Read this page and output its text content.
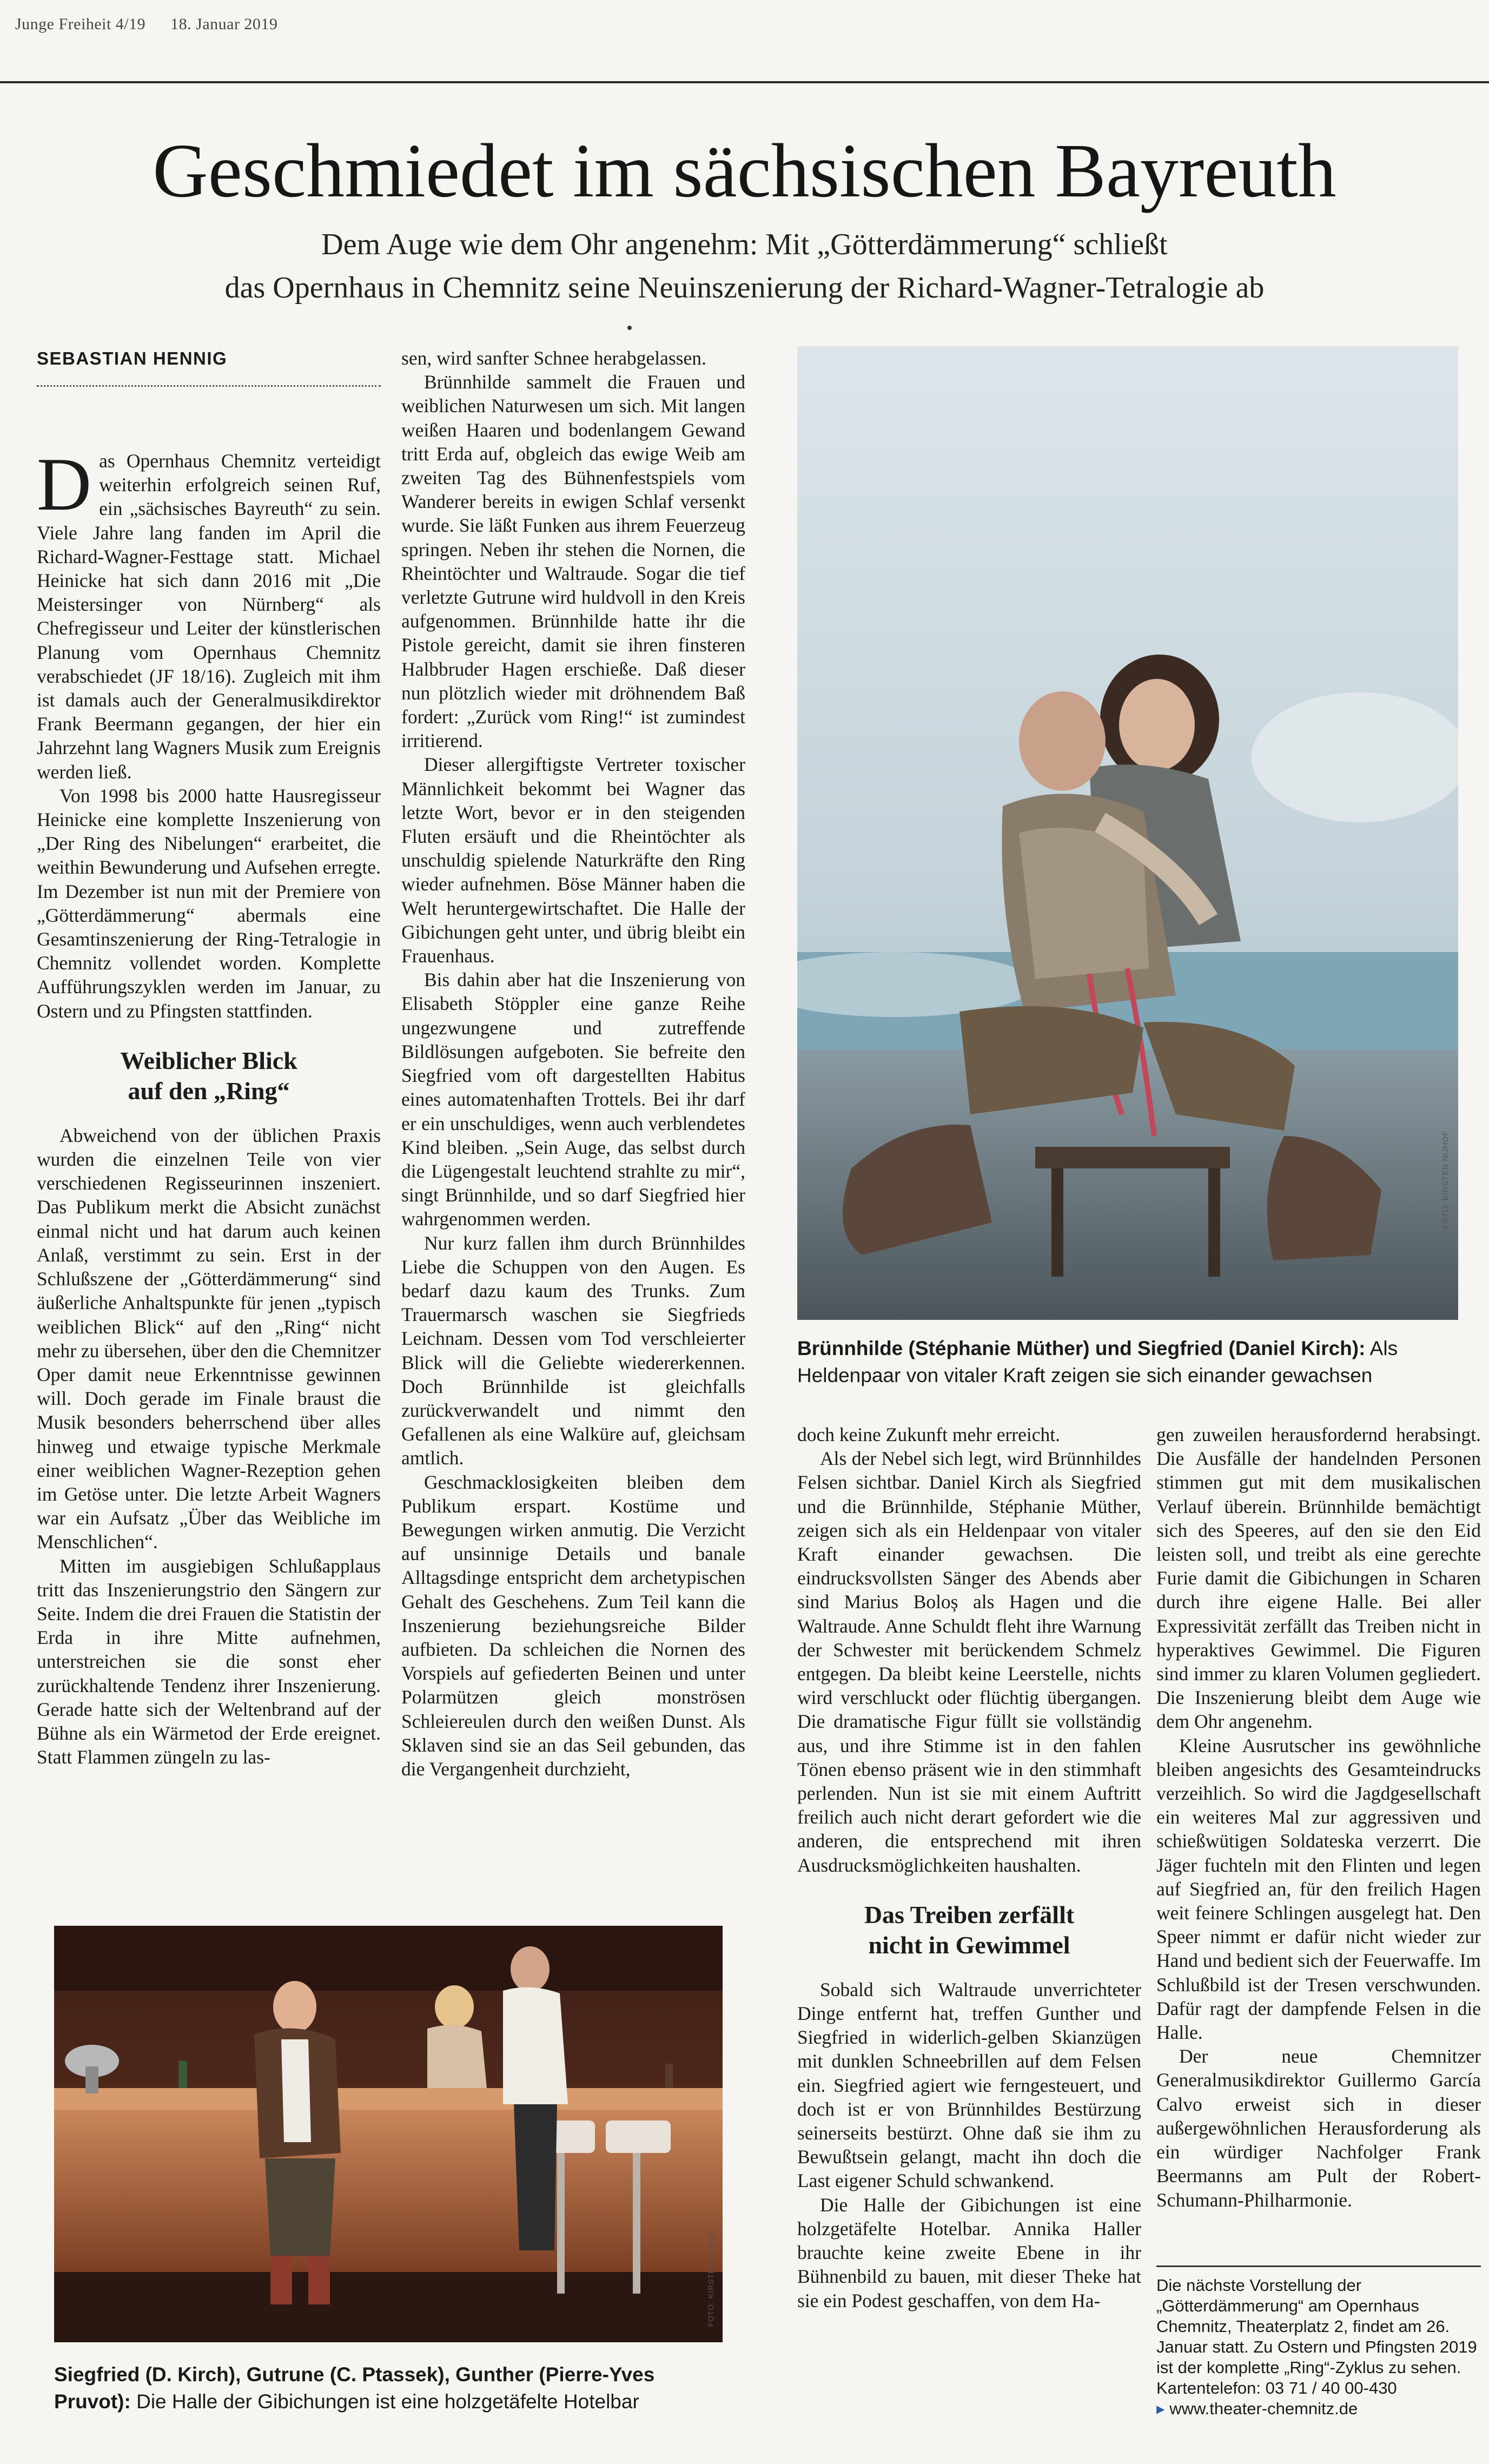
Junge Freiheit 4/19 18. Januar 2019
Geschmiedet im sächsischen Bayreuth
Dem Auge wie dem Ohr angenehm: Mit „Götterdämmerung“ schließt
das Opernhaus in Chemnitz seine Neuinszenierung der Richard-Wagner-Tetralogie ab
SEBASTIAN HENNIG

Das Opernhaus Chemnitz verteidigt weiterhin erfolgreich seinen Ruf, ein „sächsisches Bayreuth“ zu sein. Viele Jahre lang fanden im April die Richard-Wagner-Festtage statt. Michael Heinicke hat sich dann 2016 mit „Die Meistersinger von Nürnberg“ als Chefregisseur und Leiter der künstlerischen Planung vom Opernhaus Chemnitz verabschiedet (JF 18/16). Zugleich mit ihm ist damals auch der Generalmusikdirektor Frank Beermann gegangen, der hier ein Jahrzehnt lang Wagners Musik zum Ereignis werden ließ.

Von 1998 bis 2000 hatte Hausregisseur Heinicke eine komplette Inszenierung von „Der Ring des Nibelungen“ erarbeitet, die weithin Bewunderung und Aufsehen erregte. Im Dezember ist nun mit der Premiere von „Götterdämmerung“ abermals eine Gesamtinszenierung der Ring-Tetralogie in Chemnitz vollendet worden. Komplette Aufführungszyklen werden im Januar, zu Ostern und zu Pfingsten stattfinden.

Weiblicher Blick
auf den „Ring“

Abweichend von der üblichen Praxis wurden die einzelnen Teile von vier verschiedenen Regisseurinnen inszeniert. Das Publikum merkt die Absicht zunächst einmal nicht und hat darum auch keinen Anlaß, verstimmt zu sein. Erst in der Schlußszene der „Götterdämmerung“ sind äußerliche Anhaltspunkte für jenen „typisch weiblichen Blick“ auf den „Ring“ nicht mehr zu übersehen, über den die Chemnitzer Oper damit neue Erkenntnisse gewinnen will. Doch gerade im Finale braust die Musik besonders beherrschend über alles hinweg und etwaige typische Merkmale einer weiblichen Wagner-Rezeption gehen im Getöse unter. Die letzte Arbeit Wagners war ein Aufsatz „Über das Weibliche im Menschlichen“.

Mitten im ausgiebigen Schlußapplaus tritt das Inszenierungstrio den Sängern zur Seite. Indem die drei Frauen die Statistin der Erda in ihre Mitte aufnehmen, unterstreichen sie die sonst eher zurückhaltende Tendenz ihrer Inszenierung. Gerade hatte sich der Weltenbrand auf der Bühne als ein Wärmetod der Erde ereignet. Statt Flammen züngeln zu las-

sen, wird sanfter Schnee herabgelassen.

Brünnhilde sammelt die Frauen und weiblichen Naturwesen um sich. Mit langen weißen Haaren und bodenlangem Gewand tritt Erda auf, obgleich das ewige Weib am zweiten Tag des Bühnenfestspiels vom Wanderer bereits in ewigen Schlaf versenkt wurde. Sie läßt Funken aus ihrem Feuerzeug springen. Neben ihr stehen die Nornen, die Rheintöchter und Waltraude. Sogar die tief verletzte Gutrune wird huldvoll in den Kreis aufgenommen. Brünnhilde hatte ihr die Pistole gereicht, damit sie ihren finsteren Halbbruder Hagen erschieße. Daß dieser nun plötzlich wieder mit dröhnendem Baß fordert: „Zurück vom Ring!“ ist zumindest irritierend.

Dieser allergiftigste Vertreter toxischer Männlichkeit bekommt bei Wagner das letzte Wort, bevor er in den steigenden Fluten ersäuft und die Rheintöchter als unschuldig spielende Naturkräfte den Ring wieder aufnehmen. Böse Männer haben die Welt heruntergewirtschaftet. Die Halle der Gibichungen geht unter, und übrig bleibt ein Frauenhaus.

Bis dahin aber hat die Inszenierung von Elisabeth Stöppler eine ganze Reihe ungezwungene und zutreffende Bildlösungen aufgeboten. Sie befreite den Siegfried vom oft dargestellten Habitus eines automatenhaften Trottels. Bei ihr darf er ein unschuldiges, wenn auch verblendetes Kind bleiben. „Sein Auge, das selbst durch die Lügengestalt leuchtend strahlte zu mir“, singt Brünnhilde, und so darf Siegfried hier wahrgenommen werden.

Nur kurz fallen ihm durch Brünnhildes Liebe die Schuppen von den Augen. Es bedarf dazu kaum des Trunks. Zum Trauermarsch waschen sie Siegfrieds Leichnam. Dessen vom Tod verschleierter Blick will die Geliebte wiedererkennen. Doch Brünnhilde ist gleichfalls zurückverwandelt und nimmt den Gefallenen als eine Walküre auf, gleichsam amtlich.

Geschmacklosigkeiten bleiben dem Publikum erspart. Kostüme und Bewegungen wirken anmutig. Die Verzicht auf unsinnige Details und banale Alltagsdinge entspricht dem archetypischen Gehalt des Geschehens. Zum Teil kann die Inszenierung beziehungsreiche Bilder aufbieten. Da schleichen die Nornen des Vorspiels auf gefiederten Beinen und unter Polarmützen gleich monströsen Schleiereulen durch den weißen Dunst. Als Sklaven sind sie an das Seil gebunden, das die Vergangenheit durchzieht,

FOTO: KIRSTEN NIJHOF
Brünnhilde (Stéphanie Müther) und Siegfried (Daniel Kirch): Als Heldenpaar von vitaler Kraft zeigen sie sich einander gewachsen

doch keine Zukunft mehr erreicht.

Als der Nebel sich legt, wird Brünnhildes Felsen sichtbar. Daniel Kirch als Siegfried und die Brünnhilde, Stéphanie Müther, zeigen sich als ein Heldenpaar von vitaler Kraft einander gewachsen. Die eindrucksvollsten Sänger des Abends aber sind Marius Boloș als Hagen und die Waltraude. Anne Schuldt fleht ihre Warnung der Schwester mit berückendem Schmelz entgegen. Da bleibt keine Leerstelle, nichts wird verschluckt oder flüchtig übergangen. Die dramatische Figur füllt sie vollständig aus, und ihre Stimme ist in den fahlen Tönen ebenso präsent wie in den stimmhaft perlenden. Nun ist sie mit einem Auftritt freilich auch nicht derart gefordert wie die anderen, die entsprechend mit ihren Ausdrucksmöglichkeiten haushalten.

Das Treiben zerfällt
nicht in Gewimmel

Sobald sich Waltraude unverrichteter Dinge entfernt hat, treffen Gunther und Siegfried in widerlich-gelben Skianzügen mit dunklen Schneebrillen auf dem Felsen ein. Siegfried agiert wie ferngesteuert, und doch ist er von Brünnhildes Bestürzung seinerseits bestürzt. Ohne daß sie ihm zu Bewußtsein gelangt, macht ihn doch die Last eigener Schuld schwankend.

Die Halle der Gibichungen ist eine holzgetäfelte Hotelbar. Annika Haller brauchte keine zweite Ebene in ihr Bühnenbild zu bauen, mit dieser Theke hat sie ein Podest geschaffen, von dem Ha-

gen zuweilen herausfordernd herabsingt. Die Ausfälle der handelnden Personen stimmen gut mit dem musikalischen Verlauf überein. Brünnhilde bemächtigt sich des Speeres, auf den sie den Eid leisten soll, und treibt als eine gerechte Furie damit die Gibichungen in Scharen durch ihre eigene Halle. Bei aller Expressivität zerfällt das Treiben nicht in hyperaktives Gewimmel. Die Figuren sind immer zu klaren Volumen gegliedert. Die Inszenierung bleibt dem Auge wie dem Ohr angenehm.

Kleine Ausrutscher ins gewöhnliche bleiben angesichts des Gesamteindrucks verzeihlich. So wird die Jagdgesellschaft ein weiteres Mal zur aggressiven und schießwütigen Soldateska verzerrt. Die Jäger fuchteln mit den Flinten und legen auf Siegfried an, für den freilich Hagen weit feinere Schlingen ausgelegt hat. Den Speer nimmt er dafür nicht wieder zur Hand und bedient sich der Feuerwaffe. Im Schlußbild ist der Tresen verschwunden. Dafür ragt der dampfende Felsen in die Halle.

Der neue Chemnitzer Generalmusikdirektor Guillermo García Calvo erweist sich in dieser außergewöhnlichen Herausforderung als ein würdiger Nachfolger Frank Beermanns am Pult der Robert-Schumann-Philharmonie.

Die nächste Vorstellung der „Götterdämmerung“ am Opernhaus Chemnitz, Theaterplatz 2, findet am 26. Januar statt. Zu Ostern und Pfingsten 2019 ist der komplette „Ring“-Zyklus zu sehen. Kartentelefon: 03 71 / 40 00-430
▸ www.theater-chemnitz.de
FOTO: KIRSTEN NIJHOF
Siegfried (D. Kirch), Gutrune (C. Ptassek), Gunther (Pierre-Yves Pruvot): Die Halle der Gibichungen ist eine holzgetäfelte Hotelbar
